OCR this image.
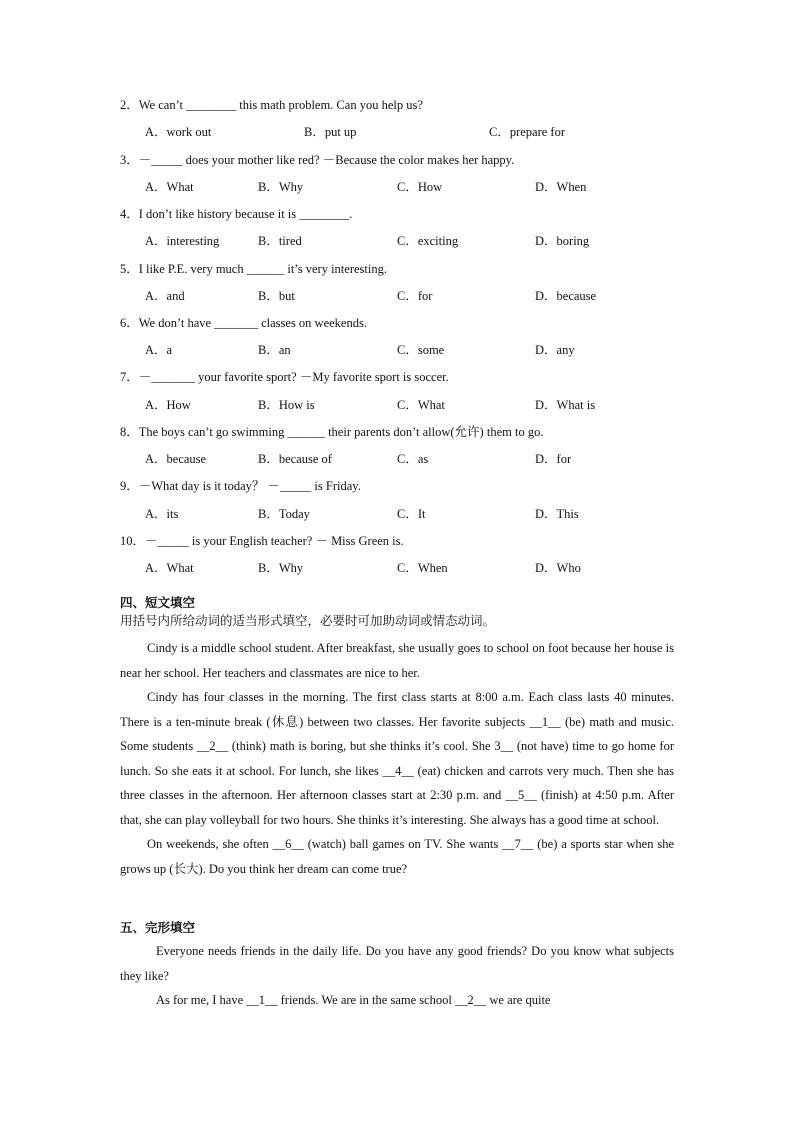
2．We can’t ________ this math problem. Can you help us?
A．work out	B．put up	C．prepare for
3．－_____ does your mother like red? －Because the color makes her happy.
A．What	B．Why	C．How	D．When
4．I don’t like history because it is ________.
A．interesting	B．tired	C．exciting	D．boring
5．I like P.E. very much ______ it’s very interesting.
A．and	B．but	C．for	D．because
6．We don’t have _______ classes on weekends.
A．a	B．an	C．some	D．any
7．－_______ your favorite sport? －My favorite sport is soccer.
A．How	B．How is	C．What	D．What is
8．The boys can’t go swimming ______ their parents don’t allow(允许) them to go.
A．because	B．because of	C．as	D．for
9．－What day is it today？ －_____ is Friday.
A．its	B．Today	C．It	D．This
10．－_____ is your English teacher? － Miss Green is.
A．What	B．Why	C．When	D．Who
四、短文填空
用括号内所给动词的适当形式填空，必要时可加助动词或情态动词。

Cindy is a middle school student. After breakfast, she usually goes to school on foot because her house is near her school. Her teachers and classmates are nice to her.

Cindy has four classes in the morning. The first class starts at 8:00 a.m. Each class lasts 40 minutes. There is a ten-minute break (休息) between two classes. Her favorite subjects __1__ (be) math and music. Some students __2__ (think) math is boring, but she thinks it’s cool. She 3__ (not have) time to go home for lunch. So she eats it at school. For lunch, she likes __4__ (eat) chicken and carrots very much. Then she has three classes in the afternoon. Her afternoon classes start at 2:30 p.m. and __5__ (finish) at 4:50 p.m. After that, she can play volleyball for two hours. She thinks it’s interesting. She always has a good time at school.

On weekends, she often __6__ (watch) ball games on TV. She wants __7__ (be) a sports star when she grows up (长大). Do you think her dream can come true?

五、完形填空

Everyone needs friends in the daily life. Do you have any good friends? Do you know what subjects they like?

As for me, I have __1__ friends. We are in the same school __2__ we are quite
